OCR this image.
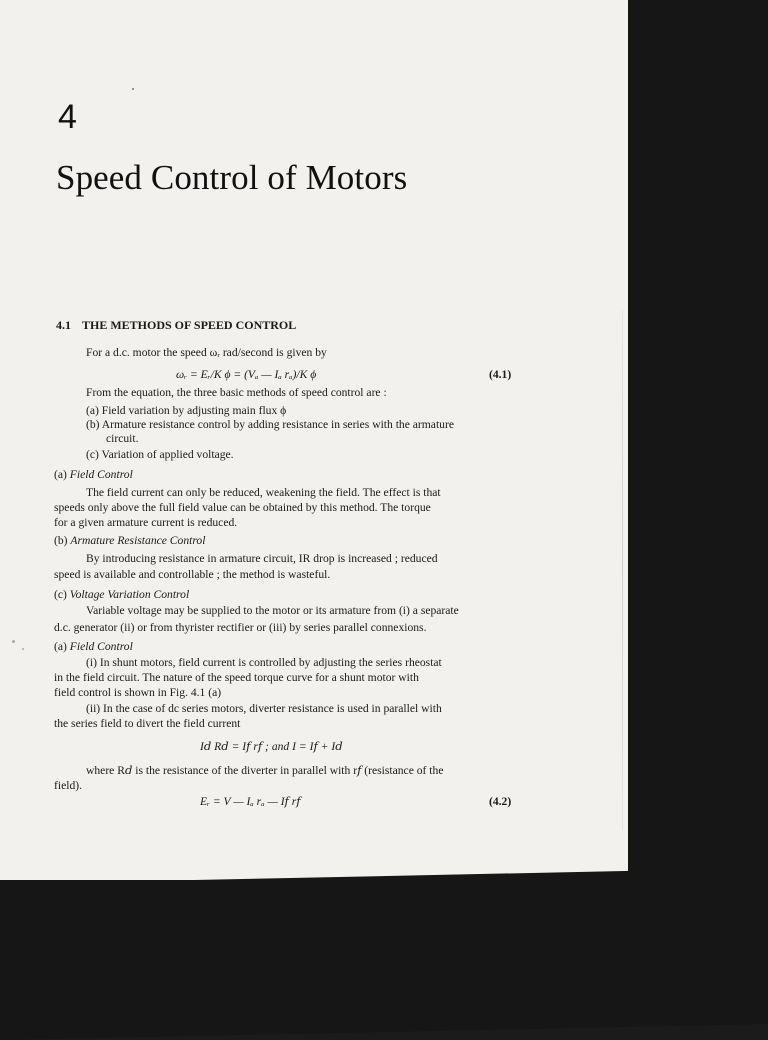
4
Speed Control of Motors
4.1 THE METHODS OF SPEED CONTROL
For a d.c. motor the speed ωᵣ rad/second is given by
ωᵣ = Eᵣ/K ϕ = (Vₐ — Iₐ rₐ)/K ϕ	(4.1)
From the equation, the three basic methods of speed control are :
(a) Field variation by adjusting main flux ϕ
(b) Armature resistance control by adding resistance in series with the armature
circuit.
(c) Variation of applied voltage.
(a) Field Control
The field current can only be reduced, weakening the field. The effect is that
speeds only above the full field value can be obtained by this method. The torque
for a given armature current is reduced.
(b) Armature Resistance Control
By introducing resistance in armature circuit, IR drop is increased ; reduced
speed is available and controllable ; the method is wasteful.
(c) Voltage Variation Control
Variable voltage may be supplied to the motor or its armature from (i) a separate
d.c. generator (ii) or from thyrister rectifier or (iii) by series parallel connexions.
(a) Field Control
(i) In shunt motors, field current is controlled by adjusting the series rheostat
in the field circuit. The nature of the speed torque curve for a shunt motor with
field control is shown in Fig. 4.1 (a)
(ii) In the case of dc series motors, diverter resistance is used in parallel with
the series field to divert the field current
I𝑑 R𝑑 = I𝑓 r𝑓 ; and I = I𝑓 + I𝑑
where R𝑑 is the resistance of the diverter in parallel with r𝑓 (resistance of the
field).
Eᵣ = V — Iₐ rₐ — I𝑓 r𝑓	(4.2)
